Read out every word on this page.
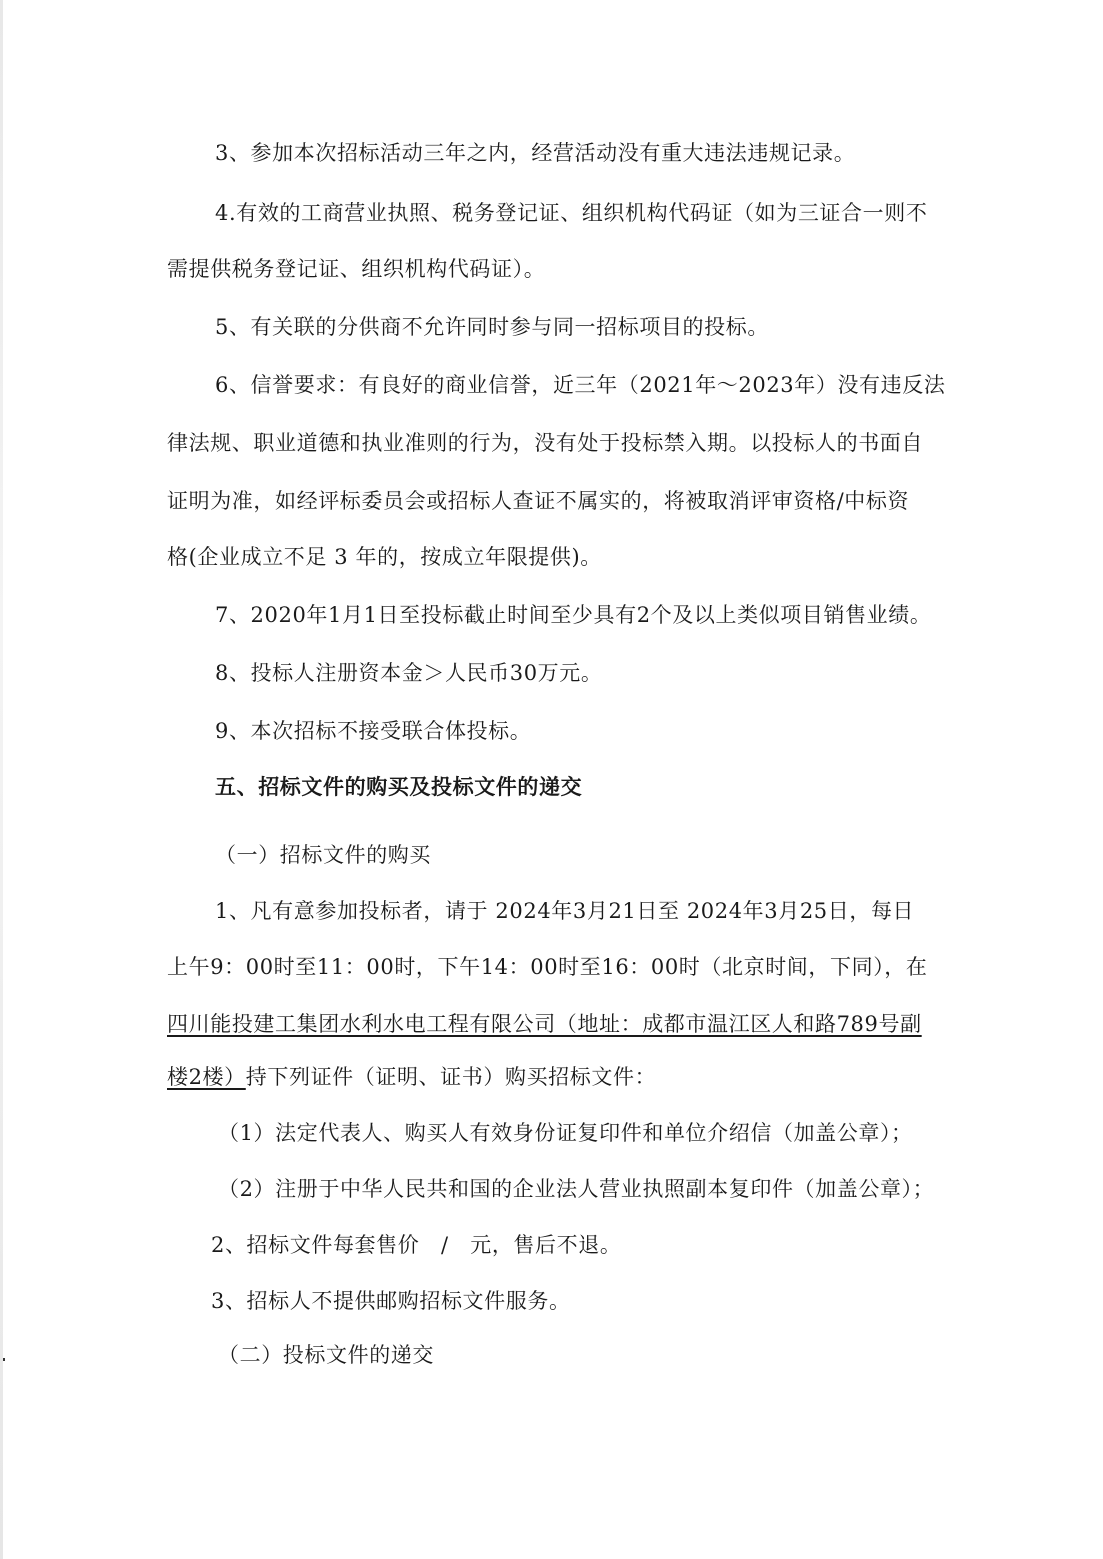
3、参加本次招标活动三年之内，经营活动没有重大违法违规记录。
4.有效的工商营业执照、税务登记证、组织机构代码证（如为三证合一则不
需提供税务登记证、组织机构代码证）。
5、有关联的分供商不允许同时参与同一招标项目的投标。
6、信誉要求：有良好的商业信誉，近三年（2021年～2023年）没有违反法
律法规、职业道德和执业准则的行为，没有处于投标禁入期。以投标人的书面自
证明为准，如经评标委员会或招标人查证不属实的，将被取消评审资格/中标资
格(企业成立不足 3 年的，按成立年限提供)。
7、2020年1月1日至投标截止时间至少具有2个及以上类似项目销售业绩。
8、投标人注册资本金＞人民币30万元。
9、本次招标不接受联合体投标。
五、招标文件的购买及投标文件的递交
（一）招标文件的购买
1、凡有意参加投标者，请于 2024年3月21日至 2024年3月25日，每日
上午9：00时至11：00时，下午14：00时至16：00时（北京时间，下同），在
四川能投建工集团水利水电工程有限公司（地址：成都市温江区人和路789号副
楼2楼）持下列证件（证明、证书）购买招标文件：
（1）法定代表人、购买人有效身份证复印件和单位介绍信（加盖公章）；
（2）注册于中华人民共和国的企业法人营业执照副本复印件（加盖公章）；
2、招标文件每套售价　/　元，售后不退。
3、招标人不提供邮购招标文件服务。
（二）投标文件的递交
